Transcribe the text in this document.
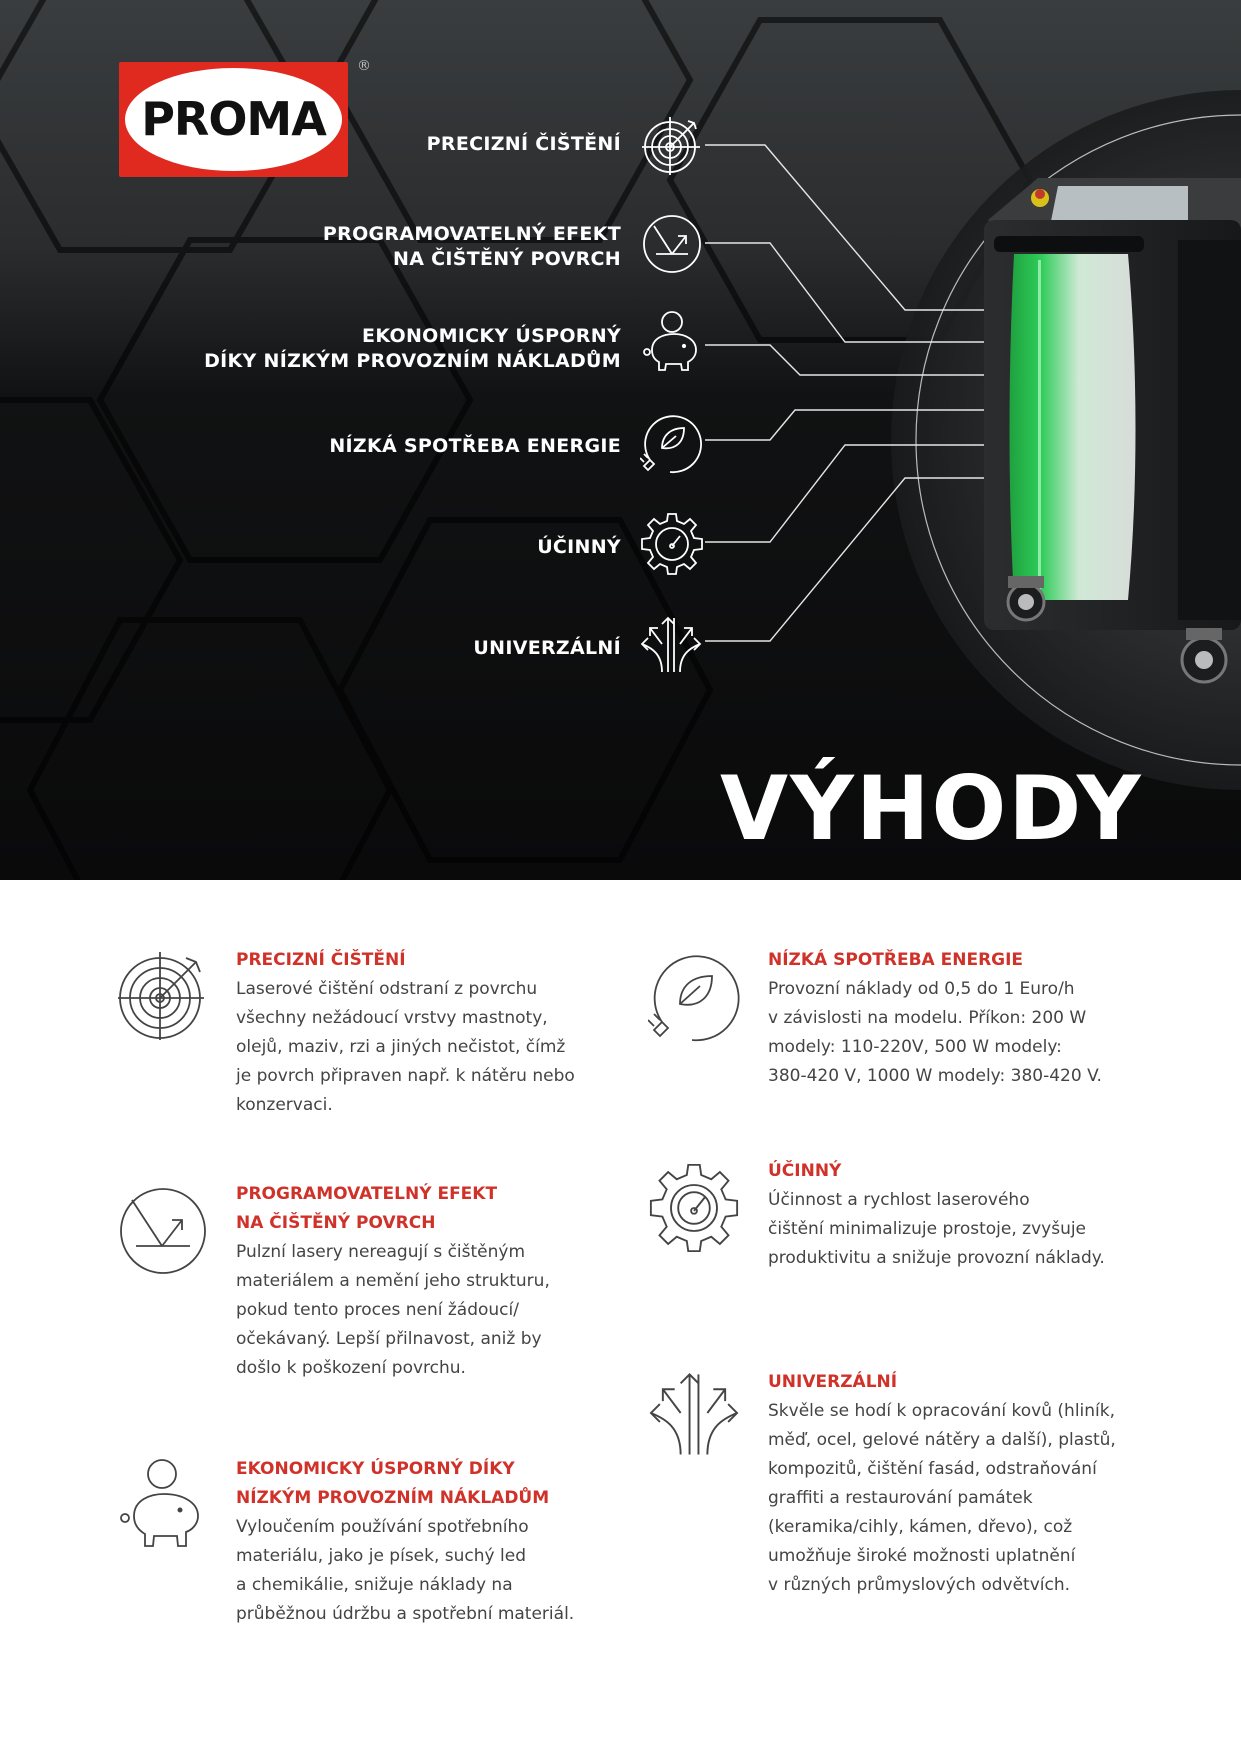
PROMA
®
PRECIZNÍ ČIŠTĚNÍ
PROGRAMOVATELNÝ EFEKT
NA ČIŠTĚNÝ POVRCH
EKONOMICKY ÚSPORNÝ
DÍKY NÍZKÝM PROVOZNÍM NÁKLADŮM
NÍZKÁ SPOTŘEBA ENERGIE
ÚČINNÝ
UNIVERZÁLNÍ
VÝHODY
PRECIZNÍ ČIŠTĚNÍ
Laserové čištění odstraní z povrchu
všechny nežádoucí vrstvy mastnoty,
olejů, maziv, rzi a jiných nečistot, čímž
je povrch připraven např. k nátěru nebo
konzervaci.
PROGRAMOVATELNÝ EFEKT
NA ČIŠTĚNÝ POVRCH
Pulzní lasery nereagují s čištěným
materiálem a nemění jeho strukturu,
pokud tento proces není žádoucí/
očekávaný. Lepší přilnavost, aniž by
došlo k poškození povrchu.
EKONOMICKY ÚSPORNÝ DÍKY
NÍZKÝM PROVOZNÍM NÁKLADŮM
Vyloučením používání spotřebního
materiálu, jako je písek, suchý led
a chemikálie, snižuje náklady na
průběžnou údržbu a spotřební materiál.
NÍZKÁ SPOTŘEBA ENERGIE
Provozní náklady od 0,5 do 1 Euro/h
v závislosti na modelu. Příkon: 200 W
modely: 110-220V, 500 W modely:
380-420 V, 1000 W modely: 380-420 V.
ÚČINNÝ
Účinnost a rychlost laserového
čištění minimalizuje prostoje, zvyšuje
produktivitu a snižuje provozní náklady.
UNIVERZÁLNÍ
Skvěle se hodí k opracování kovů (hliník,
měď, ocel, gelové nátěry a další), plastů,
kompozitů, čištění fasád, odstraňování
graffiti a restaurování památek
(keramika/cihly, kámen, dřevo), což
umožňuje široké možnosti uplatnění
v různých průmyslových odvětvích.
